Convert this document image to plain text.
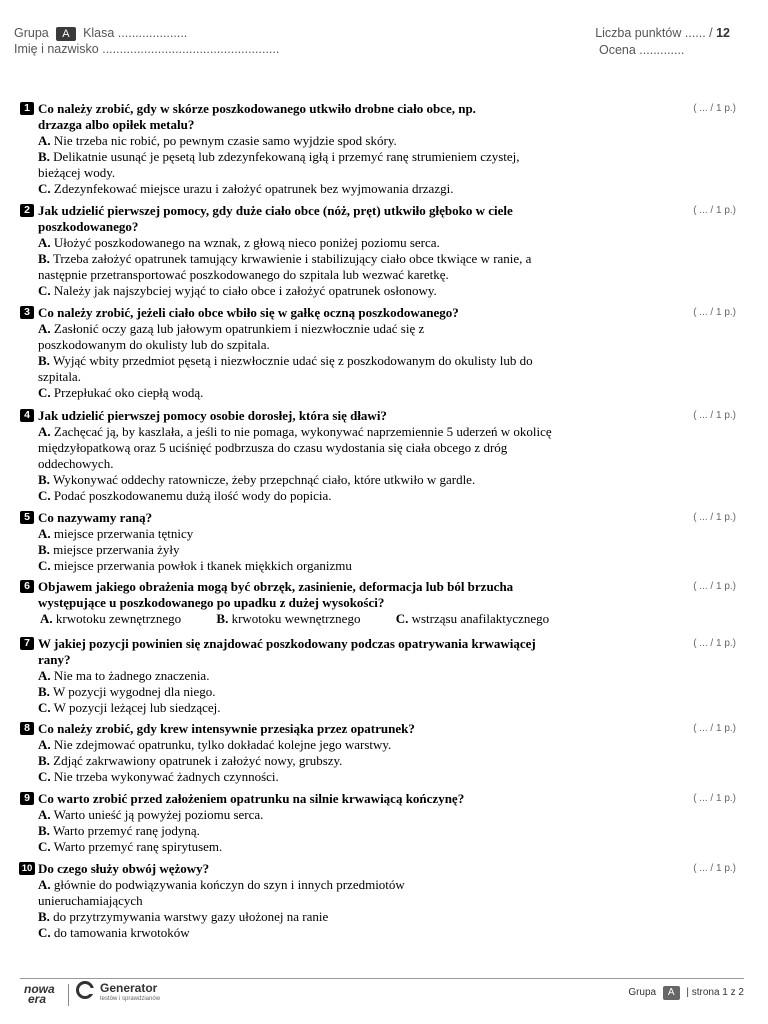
Grupa A Klasa ....................
Imię i nazwisko ...................................................
Liczba punktów ...... / 12
Ocena .............
1	( ... / 1 p.)
Co należy zrobić, gdy w skórze poszkodowanego utkwiło drobne ciało obce, np. drzazga albo opiłek metalu?
A. Nie trzeba nic robić, po pewnym czasie samo wyjdzie spod skóry.
B. Delikatnie usunąć je pęsetą lub zdezynfekowaną igłą i przemyć ranę strumieniem czystej, bieżącej wody.
C. Zdezynfekować miejsce urazu i założyć opatrunek bez wyjmowania drzazgi.
2	( ... / 1 p.)
Jak udzielić pierwszej pomocy, gdy duże ciało obce (nóż, pręt) utkwiło głęboko w ciele poszkodowanego?
A. Ułożyć poszkodowanego na wznak, z głową nieco poniżej poziomu serca.
B. Trzeba założyć opatrunek tamujący krwawienie i stabilizujący ciało obce tkwiące w ranie, a następnie przetransportować poszkodowanego do szpitala lub wezwać karetkę.
C. Należy jak najszybciej wyjąć to ciało obce i założyć opatrunek osłonowy.
3	( ... / 1 p.)
Co należy zrobić, jeżeli ciało obce wbiło się w gałkę oczną poszkodowanego?
A. Zasłonić oczy gazą lub jałowym opatrunkiem i niezwłocznie udać się z poszkodowanym do okulisty lub do szpitala.
B. Wyjąć wbity przedmiot pęsetą i niezwłocznie udać się z poszkodowanym do okulisty lub do szpitala.
C. Przepłukać oko ciepłą wodą.
4	( ... / 1 p.)
Jak udzielić pierwszej pomocy osobie dorosłej, która się dławi?
A. Zachęcać ją, by kaszlała, a jeśli to nie pomaga, wykonywać naprzemiennie 5 uderzeń w okolicę międzyłopatkową oraz 5 uciśnięć podbrzusza do czasu wydostania się ciała obcego z dróg oddechowych.
B. Wykonywać oddechy ratownicze, żeby przepchnąć ciało, które utkwiło w gardle.
C. Podać poszkodowanemu dużą ilość wody do popicia.
5	( ... / 1 p.)
Co nazywamy raną?
A. miejsce przerwania tętnicy
B. miejsce przerwania żyły
C. miejsce przerwania powłok i tkanek miękkich organizmu
6	( ... / 1 p.)
Objawem jakiego obrażenia mogą być obrzęk, zasinienie, deformacja lub ból brzucha występujące u poszkodowanego po upadku z dużej wysokości?
A. krwotoku zewnętrznego	B. krwotoku wewnętrznego	C. wstrząsu anafilaktycznego
7	( ... / 1 p.)
W jakiej pozycji powinien się znajdować poszkodowany podczas opatrywania krwawiącej rany?
A. Nie ma to żadnego znaczenia.
B. W pozycji wygodnej dla niego.
C. W pozycji leżącej lub siedzącej.
8	( ... / 1 p.)
Co należy zrobić, gdy krew intensywnie przesiąka przez opatrunek?
A. Nie zdejmować opatrunku, tylko dokładać kolejne jego warstwy.
B. Zdjąć zakrwawiony opatrunek i założyć nowy, grubszy.
C. Nie trzeba wykonywać żadnych czynności.
9	( ... / 1 p.)
Co warto zrobić przed założeniem opatrunku na silnie krwawiącą kończynę?
A. Warto unieść ją powyżej poziomu serca.
B. Warto przemyć ranę jodyną.
C. Warto przemyć ranę spirytusem.
10	( ... / 1 p.)
Do czego służy obwój wężowy?
A. głównie do podwiązywania kończyn do szyn i innych przedmiotów unieruchamiających
B. do przytrzymywania warstwy gazy ułożonej na ranie
C. do tamowania krwotoków
nowa
era
Generator
testów i sprawdzianów
Grupa A | strona 1 z 2
